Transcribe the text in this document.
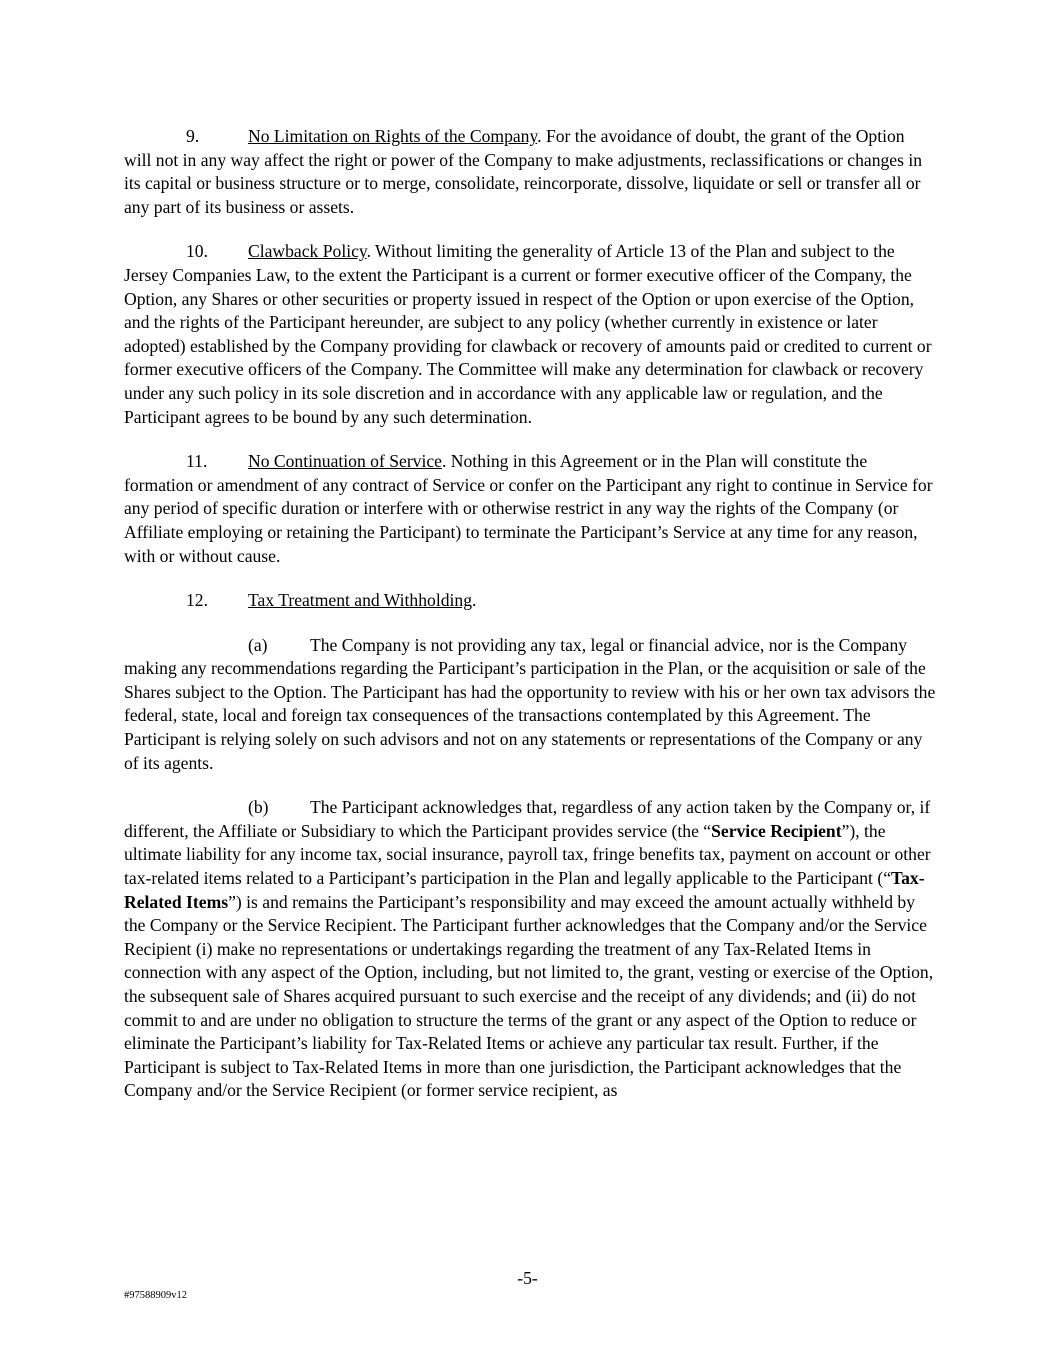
9.	No Limitation on Rights of the Company. For the avoidance of doubt, the grant of the Option will not in any way affect the right or power of the Company to make adjustments, reclassifications or changes in its capital or business structure or to merge, consolidate, reincorporate, dissolve, liquidate or sell or transfer all or any part of its business or assets.

10. Clawback Policy. Without limiting the generality of Article 13 of the Plan and subject to the Jersey Companies Law, to the extent the Participant is a current or former executive officer of the Company, the Option, any Shares or other securities or property issued in respect of the Option or upon exercise of the Option, and the rights of the Participant hereunder, are subject to any policy (whether currently in existence or later adopted) established by the Company providing for clawback or recovery of amounts paid or credited to current or former executive officers of the Company. The Committee will make any determination for clawback or recovery under any such policy in its sole discretion and in accordance with any applicable law or regulation, and the Participant agrees to be bound by any such determination.

11. No Continuation of Service. Nothing in this Agreement or in the Plan will constitute the formation or amendment of any contract of Service or confer on the Participant any right to continue in Service for any period of specific duration or interfere with or otherwise restrict in any way the rights of the Company (or Affiliate employing or retaining the Participant) to terminate the Participant’s Service at any time for any reason, with or without cause.

12. Tax Treatment and Withholding.

(a) The Company is not providing any tax, legal or financial advice, nor is the Company making any recommendations regarding the Participant’s participation in the Plan, or the acquisition or sale of the Shares subject to the Option. The Participant has had the opportunity to review with his or her own tax advisors the federal, state, local and foreign tax consequences of the transactions contemplated by this Agreement. The Participant is relying solely on such advisors and not on any statements or representations of the Company or any of its agents.

(b) The Participant acknowledges that, regardless of any action taken by the Company or, if different, the Affiliate or Subsidiary to which the Participant provides service (the “Service Recipient”), the ultimate liability for any income tax, social insurance, payroll tax, fringe benefits tax, payment on account or other tax-related items related to a Participant’s participation in the Plan and legally applicable to the Participant (“Tax-Related Items”) is and remains the Participant’s responsibility and may exceed the amount actually withheld by the Company or the Service Recipient. The Participant further acknowledges that the Company and/or the Service Recipient (i) make no representations or undertakings regarding the treatment of any Tax-Related Items in connection with any aspect of the Option, including, but not limited to, the grant, vesting or exercise of the Option, the subsequent sale of Shares acquired pursuant to such exercise and the receipt of any dividends; and (ii) do not commit to and are under no obligation to structure the terms of the grant or any aspect of the Option to reduce or eliminate the Participant’s liability for Tax-Related Items or achieve any particular tax result. Further, if the Participant is subject to Tax-Related Items in more than one jurisdiction, the Participant acknowledges that the Company and/or the Service Recipient (or former service recipient, as

-5-
#97588909v12
